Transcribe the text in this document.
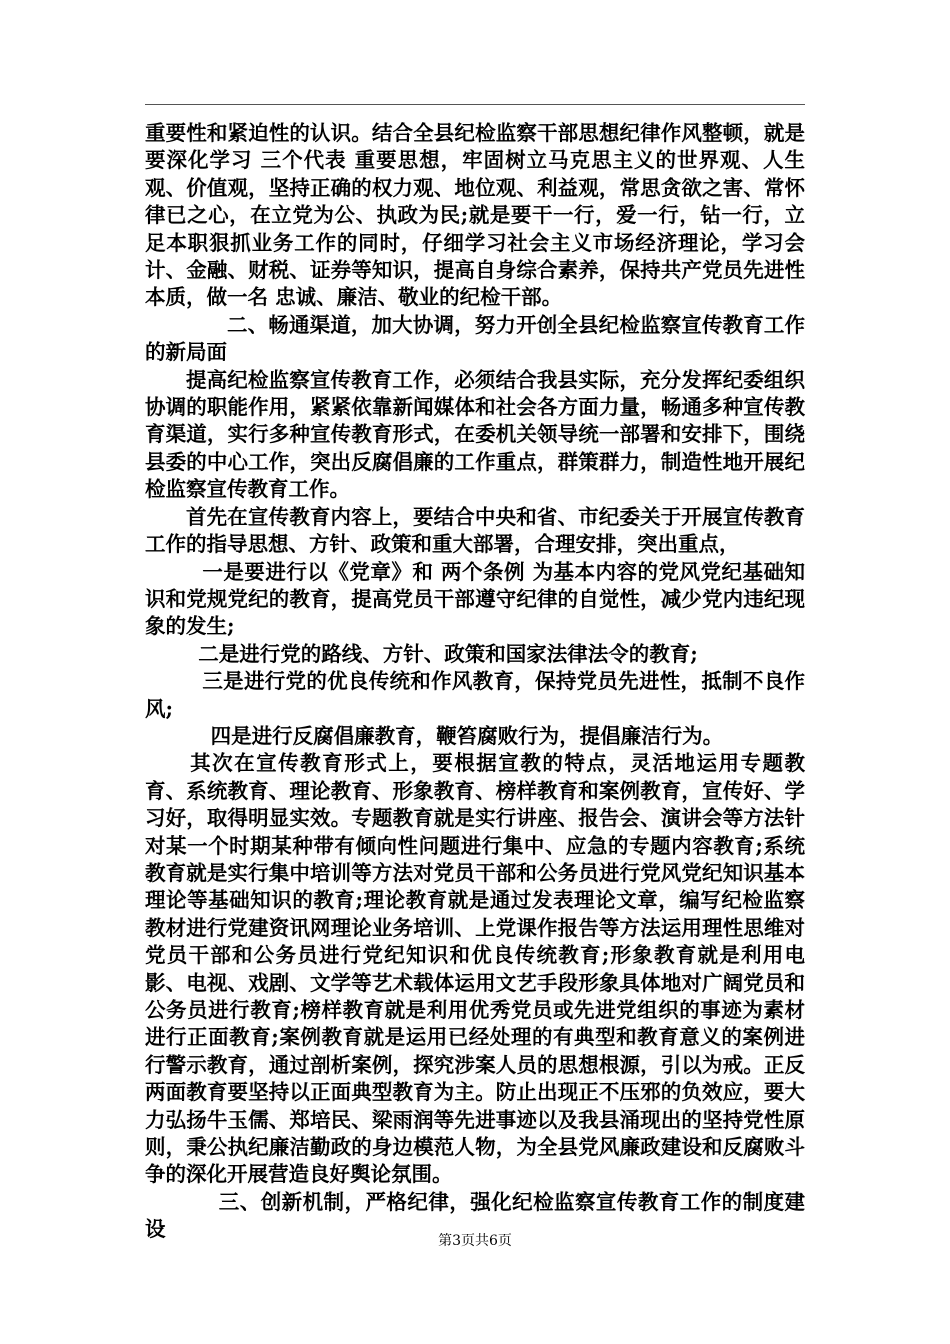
重要性和紧迫性的认识。结合全县纪检监察干部思想纪律作风整顿，就是要深化学习 三个代表 重要思想，牢固树立马克思主义的世界观、人生观、价值观，坚持正确的权力观、地位观、利益观，常思贪欲之害、常怀律已之心，在立党为公、执政为民;就是要干一行，爱一行，钻一行，立足本职狠抓业务工作的同时，仔细学习社会主义市场经济理论，学习会计、金融、财税、证券等知识，提高自身综合素养，保持共产党员先进性本质，做一名 忠诚、廉洁、敬业的纪检干部。

二、畅通渠道，加大协调，努力开创全县纪检监察宣传教育工作的新局面

提高纪检监察宣传教育工作，必须结合我县实际，充分发挥纪委组织协调的职能作用，紧紧依靠新闻媒体和社会各方面力量，畅通多种宣传教育渠道，实行多种宣传教育形式，在委机关领导统一部署和安排下，围绕县委的中心工作，突出反腐倡廉的工作重点，群策群力，制造性地开展纪检监察宣传教育工作。

首先在宣传教育内容上，要结合中央和省、市纪委关于开展宣传教育工作的指导思想、方针、政策和重大部署，合理安排，突出重点，

一是要进行以《党章》和 两个条例 为基本内容的党风党纪基础知识和党规党纪的教育，提高党员干部遵守纪律的自觉性，减少党内违纪现象的发生;

二是进行党的路线、方针、政策和国家法律法令的教育;

三是进行党的优良传统和作风教育，保持党员先进性，抵制不良作风;

四是进行反腐倡廉教育，鞭笞腐败行为，提倡廉洁行为。

其次在宣传教育形式上，要根据宣教的特点，灵活地运用专题教育、系统教育、理论教育、形象教育、榜样教育和案例教育，宣传好、学习好，取得明显实效。专题教育就是实行讲座、报告会、演讲会等方法针对某一个时期某种带有倾向性问题进行集中、应急的专题内容教育;系统教育就是实行集中培训等方法对党员干部和公务员进行党风党纪知识基本理论等基础知识的教育;理论教育就是通过发表理论文章，编写纪检监察教材进行党建资讯网理论业务培训、上党课作报告等方法运用理性思维对党员干部和公务员进行党纪知识和优良传统教育;形象教育就是利用电影、电视、戏剧、文学等艺术载体运用文艺手段形象具体地对广阔党员和公务员进行教育;榜样教育就是利用优秀党员或先进党组织的事迹为素材进行正面教育;案例教育就是运用已经处理的有典型和教育意义的案例进行警示教育，通过剖析案例，探究涉案人员的思想根源，引以为戒。正反两面教育要坚持以正面典型教育为主。防止出现正不压邪的负效应，要大力弘扬牛玉儒、郑培民、梁雨润等先进事迹以及我县涌现出的坚持党性原则，秉公执纪廉洁勤政的身边模范人物，为全县党风廉政建设和反腐败斗争的深化开展营造良好舆论氛围。

三、创新机制，严格纪律，强化纪检监察宣传教育工作的制度建设	第3页共6页
